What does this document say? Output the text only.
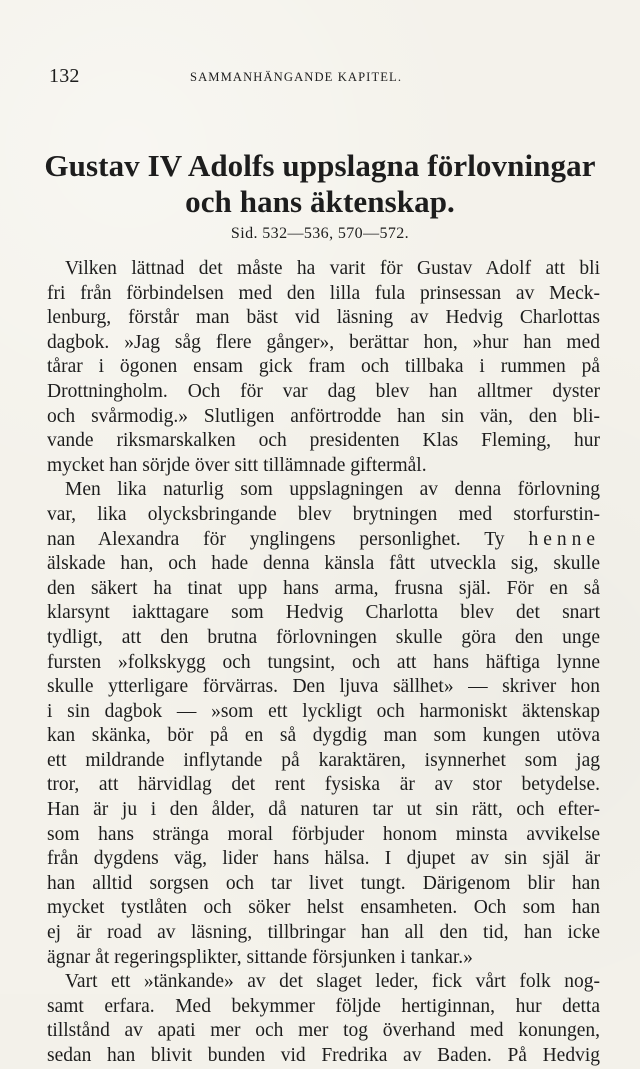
132	SAMMANHÄNGANDE KAPITEL.
Gustav IV Adolfs uppslagna förlovningar
och hans äktenskap.
Sid. 532—536, 570—572.
Vilken lättnad det måste ha varit för Gustav Adolf att bli
fri från förbindelsen med den lilla fula prinsessan av Meck-
lenburg, förstår man bäst vid läsning av Hedvig Charlottas
dagbok. »Jag såg flere gånger», berättar hon, »hur han med
tårar i ögonen ensam gick fram och tillbaka i rummen på
Drottningholm. Och för var dag blev han alltmer dyster
och svårmodig.» Slutligen anförtrodde han sin vän, den bli-
vande riksmarskalken och presidenten Klas Fleming, hur
mycket han sörjde över sitt tillämnade giftermål.
Men lika naturlig som uppslagningen av denna förlovning
var, lika olycksbringande blev brytningen med storfurstin-
nan Alexandra för ynglingens personlighet. Ty henne
älskade han, och hade denna känsla fått utveckla sig, skulle
den säkert ha tinat upp hans arma, frusna själ. För en så
klarsynt iakttagare som Hedvig Charlotta blev det snart
tydligt, att den brutna förlovningen skulle göra den unge
fursten »folkskygg och tungsint, och att hans häftiga lynne
skulle ytterligare förvärras. Den ljuva sällhet» — skriver hon
i sin dagbok — »som ett lyckligt och harmoniskt äktenskap
kan skänka, bör på en så dygdig man som kungen utöva
ett mildrande inflytande på karaktären, isynnerhet som jag
tror, att härvidlag det rent fysiska är av stor betydelse.
Han är ju i den ålder, då naturen tar ut sin rätt, och efter-
som hans stränga moral förbjuder honom minsta avvikelse
från dygdens väg, lider hans hälsa. I djupet av sin själ är
han alltid sorgsen och tar livet tungt. Därigenom blir han
mycket tystlåten och söker helst ensamheten. Och som han
ej är road av läsning, tillbringar han all den tid, han icke
ägnar åt regeringsplikter, sittande försjunken i tankar.»
Vart ett »tänkande» av det slaget leder, fick vårt folk nog-
samt erfara. Med bekymmer följde hertiginnan, hur detta
tillstånd av apati mer och mer tog överhand med konungen,
sedan han blivit bunden vid Fredrika av Baden. På Hedvig
